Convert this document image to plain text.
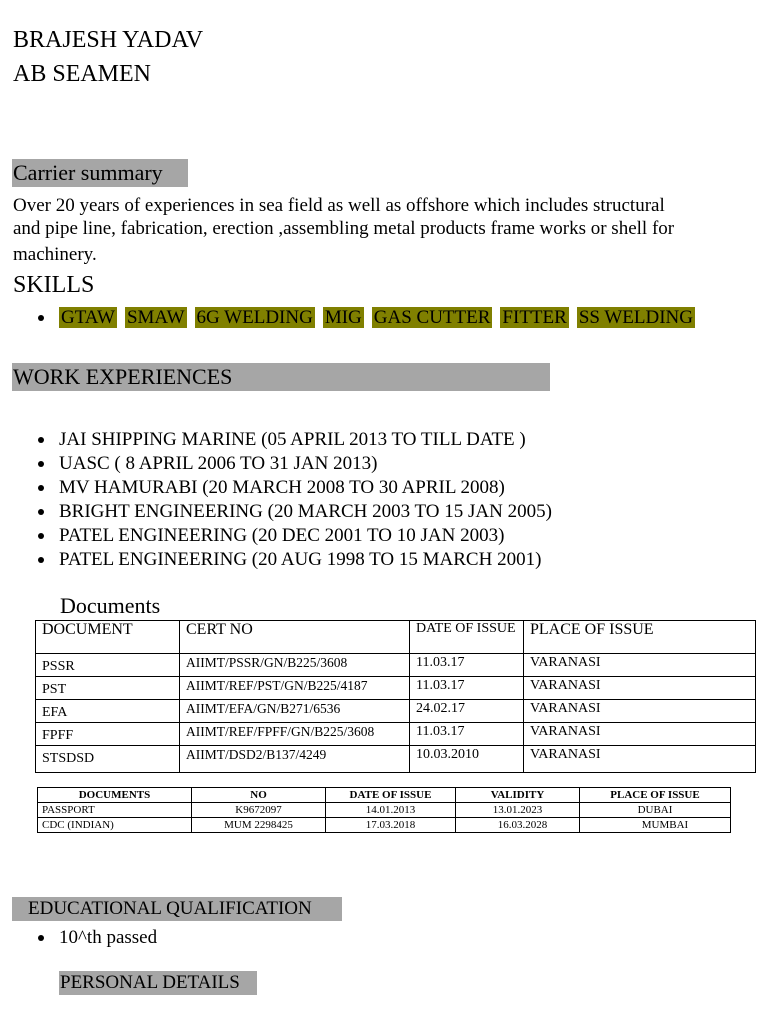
BRAJESH YADAV
AB SEAMEN
Carrier summary
Over 20 years of experiences in sea field as well as offshore which includes structural
and pipe line, fabrication, erection ,assembling metal products frame works or shell for
machinery.
SKILLS
GTAW SMAW 6G WELDING MIG GAS CUTTER FITTER SS WELDING
WORK EXPERIENCES
JAI SHIPPING MARINE (05 APRIL 2013 TO TILL DATE )
UASC ( 8 APRIL 2006 TO 31 JAN 2013)
MV HAMURABI (20 MARCH 2008 TO 30 APRIL 2008)
BRIGHT ENGINEERING (20 MARCH 2003 TO 15 JAN 2005)
PATEL ENGINEERING (20 DEC 2001 TO 10 JAN 2003)
PATEL ENGINEERING (20 AUG 1998 TO 15 MARCH 2001)
Documents
DOCUMENT	CERT NO	DATE OF ISSUE	PLACE OF ISSUE
PSSR	AIIMT/PSSR/GN/B225/3608	11.03.17	VARANASI
PST	AIIMT/REF/PST/GN/B225/4187	11.03.17	VARANASI
EFA	AIIMT/EFA/GN/B271/6536	24.02.17	VARANASI
FPFF	AIIMT/REF/FPFF/GN/B225/3608	11.03.17	VARANASI
STSDSD	AIIMT/DSD2/B137/4249	10.03.2010	VARANASI
DOCUMENTS	NO	DATE OF ISSUE	VALIDITY	PLACE OF ISSUE
PASSPORT	K9672097	14.01.2013	13.01.2023	DUBAI
CDC (INDIAN)	MUM 2298425	17.03.2018	16.03.2028	MUMBAI
EDUCATIONAL QUALIFICATION
10^th passed
PERSONAL DETAILS
